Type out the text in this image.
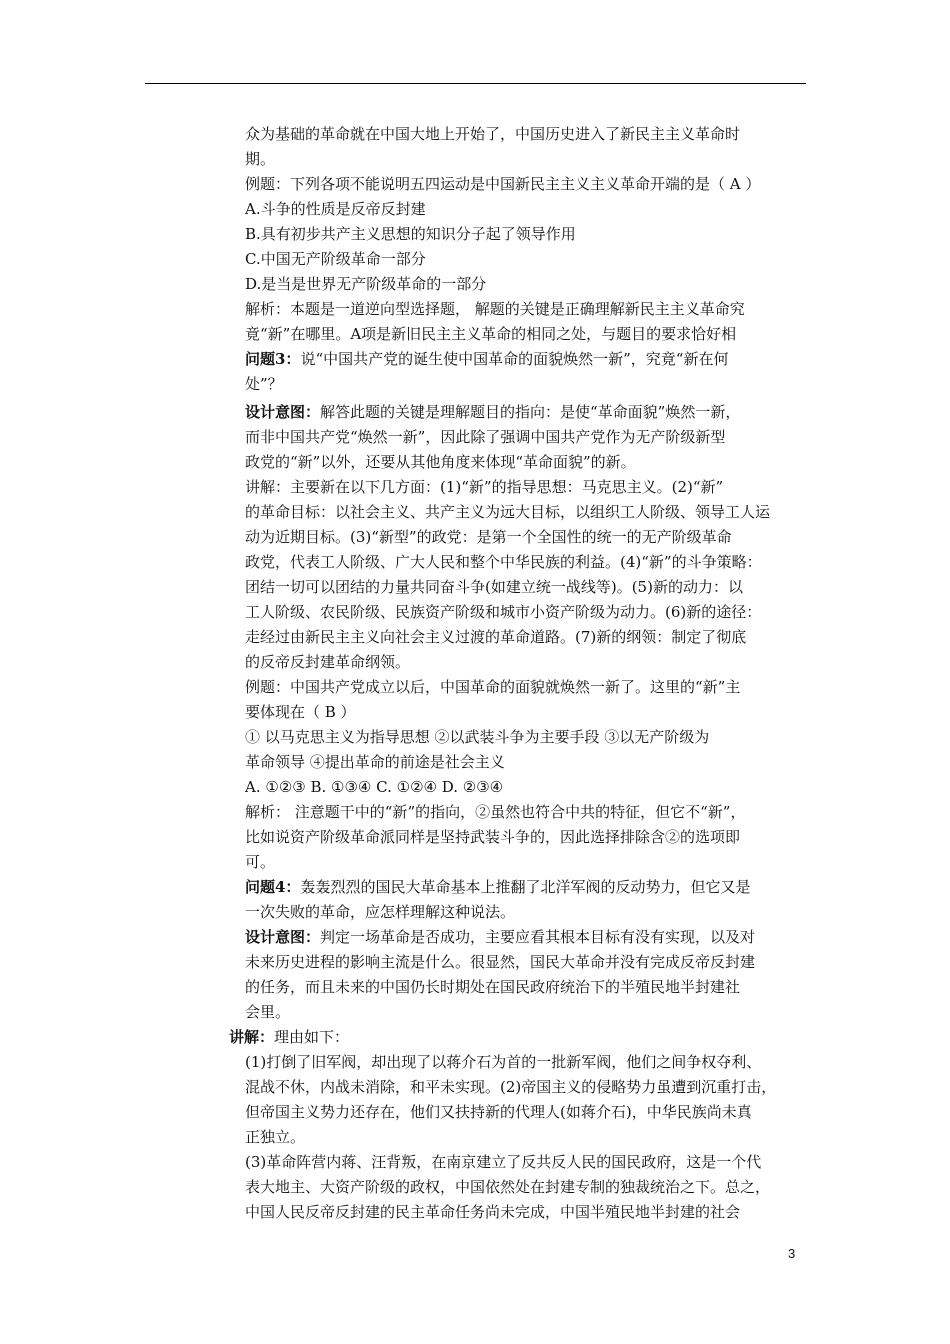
众为基础的革命就在中国大地上开始了，中国历史进入了新民主主义革命时
期。
例题：下列各项不能说明五四运动是中国新民主主义主义革命开端的是（ A ）
A.斗争的性质是反帝反封建
B.具有初步共产主义思想的知识分子起了领导作用
C.中国无产阶级革命一部分
D.是当是世界无产阶级革命的一部分
解析：本题是一道逆向型选择题， 解题的关键是正确理解新民主主义革命究
竟“新”在哪里。A项是新旧民主主义革命的相同之处，与题目的要求恰好相
问题3：说“中国共产党的诞生使中国革命的面貌焕然一新”，究竟“新在何
处”？
设计意图：解答此题的关键是理解题目的指向：是使“革命面貌”焕然一新，
而非中国共产党“焕然一新”，因此除了强调中国共产党作为无产阶级新型
政党的“新”以外，还要从其他角度来体现“革命面貌”的新。
讲解：主要新在以下几方面：(1)“新”的指导思想：马克思主义。(2)“新”
的革命目标：以社会主义、共产主义为远大目标，以组织工人阶级、领导工人运
动为近期目标。(3)“新型”的政党：是第一个全国性的统一的无产阶级革命
政党，代表工人阶级、广大人民和整个中华民族的利益。(4)“新”的斗争策略：
团结一切可以团结的力量共同奋斗争(如建立统一战线等)。(5)新的动力：以
工人阶级、农民阶级、民族资产阶级和城市小资产阶级为动力。(6)新的途径：
走经过由新民主主义向社会主义过渡的革命道路。(7)新的纲领：制定了彻底
的反帝反封建革命纲领。
例题：中国共产党成立以后，中国革命的面貌就焕然一新了。这里的“新”主
要体现在（ B ）
① 以马克思主义为指导思想 ②以武装斗争为主要手段 ③以无产阶级为
革命领导 ④提出革命的前途是社会主义
A. ①②③ B. ①③④ C. ①②④ D. ②③④
解析： 注意题干中的“新”的指向，②虽然也符合中共的特征，但它不“新”，
比如说资产阶级革命派同样是坚持武装斗争的，因此选择排除含②的选项即
可。
问题4：轰轰烈烈的国民大革命基本上推翻了北洋军阀的反动势力，但它又是
一次失败的革命，应怎样理解这种说法。
设计意图：判定一场革命是否成功，主要应看其根本目标有没有实现，以及对
未来历史进程的影响主流是什么。很显然，国民大革命并没有完成反帝反封建
的任务，而且未来的中国仍长时期处在国民政府统治下的半殖民地半封建社
会里。
讲解：理由如下：
(1)打倒了旧军阀，却出现了以蒋介石为首的一批新军阀，他们之间争权夺利、
混战不休，内战未消除，和平未实现。(2)帝国主义的侵略势力虽遭到沉重打击，
但帝国主义势力还存在，他们又扶持新的代理人(如蒋介石)，中华民族尚未真
正独立。
(3)革命阵营内蒋、汪背叛，在南京建立了反共反人民的国民政府，这是一个代
表大地主、大资产阶级的政权，中国依然处在封建专制的独裁统治之下。总之，
中国人民反帝反封建的民主革命任务尚未完成，中国半殖民地半封建的社会
3
